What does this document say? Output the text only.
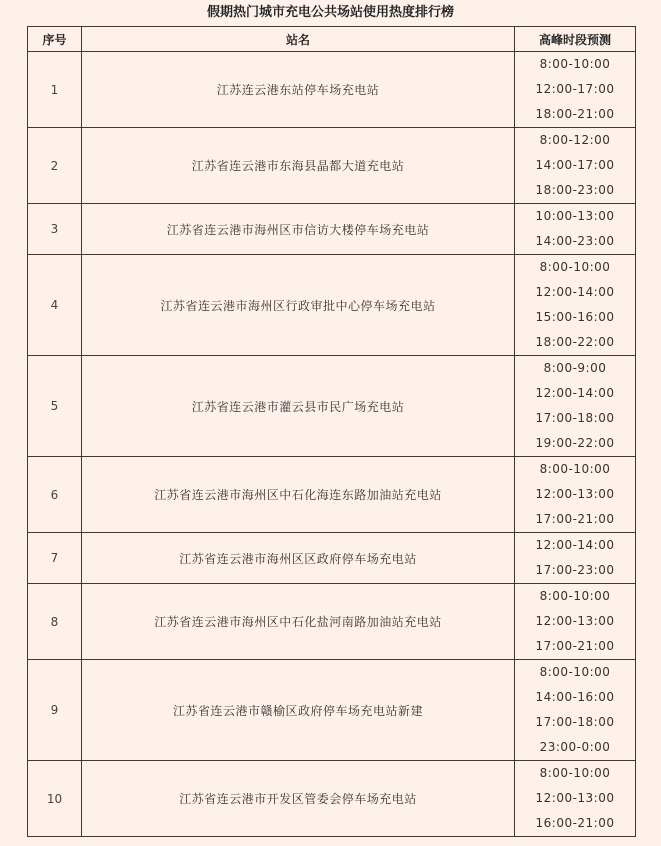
假期热门城市充电公共场站使用热度排行榜
序号	站名	高峰时段预测
1	江苏连云港东站停车场充电站	8:00-10:00
12:00-17:00
18:00-21:00

2	江苏省连云港市东海县晶都大道充电站	8:00-12:00
14:00-17:00
18:00-23:00

3	江苏省连云港市海州区市信访大楼停车场充电站	10:00-13:00
14:00-23:00

4	江苏省连云港市海州区行政审批中心停车场充电站	8:00-10:00
12:00-14:00
15:00-16:00
18:00-22:00

5	江苏省连云港市灌云县市民广场充电站	8:00-9:00
12:00-14:00
17:00-18:00
19:00-22:00

6	江苏省连云港市海州区中石化海连东路加油站充电站	8:00-10:00
12:00-13:00
17:00-21:00

7	江苏省连云港市海州区区政府停车场充电站	12:00-14:00
17:00-23:00

8	江苏省连云港市海州区中石化盐河南路加油站充电站	8:00-10:00
12:00-13:00
17:00-21:00

9	江苏省连云港市赣榆区政府停车场充电站新建	8:00-10:00
14:00-16:00
17:00-18:00
23:00-0:00

10	江苏省连云港市开发区管委会停车场充电站	8:00-10:00
12:00-13:00
16:00-21:00
